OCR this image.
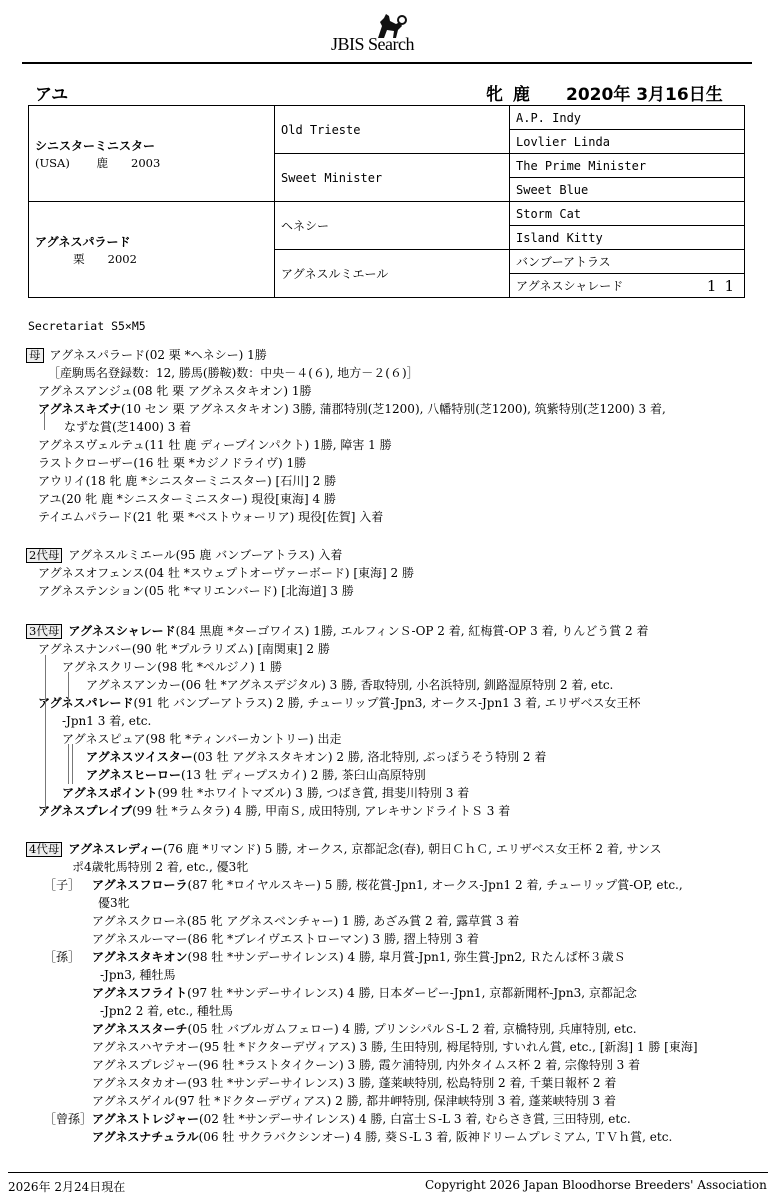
JBIS Search
アユ	牝 鹿 2020年 3月16日生
シニスターミニスター
(USA)　　 鹿　　2003	Old Trieste	A.P. Indy
		Lovlier Linda
	Sweet Minister	The Prime Minister
		Sweet Blue

アグネスパラード
　　　 栗　　2002	ヘネシー	Storm Cat
		Island Kitty
	アグネスルミエール	バンブーアトラス
		アグネスシャレード 11
Secretariat S5×M5
母 アグネスパラード(02 栗 *ヘネシー) 1勝
［産駒馬名登録数：12, 勝馬(勝鞍)数：中央－４(６), 地方－２(６)］
アグネスアンジュ(08 牝 栗 アグネスタキオン) 1勝
アグネスキズナ(10 セン 栗 アグネスタキオン) 3勝, 蒲郡特別(芝1200), 八幡特別(芝1200), 筑紫特別(芝1200) 3 着,
なずな賞(芝1400) 3 着
アグネスヴェルテュ(11 牡 鹿 ディープインパクト) 1勝, 障害 1 勝
ラストクローザー(16 牡 栗 *カジノドライヴ) 1勝
アウリイ(18 牝 鹿 *シニスターミニスター) [石川] 2 勝
アユ(20 牝 鹿 *シニスターミニスター) 現役[東海] 4 勝
テイエムパラード(21 牝 栗 *ベストウォーリア) 現役[佐賀] 入着
2代母 アグネスルミエール(95 鹿 バンブーアトラス) 入着
アグネスオフェンス(04 牡 *スウェプトオーヴァーボード) [東海] 2 勝
アグネステンション(05 牝 *マリエンバード) [北海道] 3 勝
3代母 アグネスシャレード(84 黒鹿 *ターゴワイス) 1勝, エルフィンＳ-OP 2 着, 紅梅賞-OP 3 着, りんどう賞 2 着
アグネスナンバー(90 牝 *プルラリズム) [南関東] 2 勝
アグネスクリーン(98 牝 *ペルジノ) 1 勝
アグネスアンカー(06 牡 *アグネスデジタル) 3 勝, 香取特別, 小名浜特別, 釧路湿原特別 2 着, etc.
アグネスパレード(91 牝 バンブーアトラス) 2 勝, チューリップ賞-Jpn3, オークス-Jpn1 3 着, エリザベス女王杯
-Jpn1 3 着, etc.
アグネスピュア(98 牝 *ティンバーカントリー) 出走
アグネスツイスター(03 牡 アグネスタキオン) 2 勝, 洛北特別, ぶっぽうそう特別 2 着
アグネスヒーロー(13 牡 ディープスカイ) 2 勝, 茶臼山高原特別
アグネスポイント(99 牡 *ホワイトマズル) 3 勝, つばき賞, 揖斐川特別 3 着
アグネスプレイブ(99 牡 *ラムタラ) 4 勝, 甲南Ｓ, 成田特別, アレキサンドライトＳ 3 着
4代母 アグネスレディー(76 鹿 *リマンド) 5 勝, オークス, 京都記念(春), 朝日ＣｈＣ, エリザベス女王杯 2 着, サンス
ポ4歳牝馬特別 2 着, etc., 優3牝
［子］ アグネスフローラ(87 牝 *ロイヤルスキー) 5 勝, 桜花賞-Jpn1, オークス-Jpn1 2 着, チューリップ賞-OP, etc.,
優3牝
アグネスクローネ(85 牝 アグネスベンチャー) 1 勝, あざみ賞 2 着, 露草賞 3 着
アグネスルーマー(86 牝 *ブレイヴエストローマン) 3 勝, 摺上特別 3 着
［孫］ アグネスタキオン(98 牡 *サンデーサイレンス) 4 勝, 皐月賞-Jpn1, 弥生賞-Jpn2, Ｒたんぱ杯３歳Ｓ
-Jpn3, 種牡馬
アグネスフライト(97 牡 *サンデーサイレンス) 4 勝, 日本ダービー-Jpn1, 京都新聞杯-Jpn3, 京都記念
-Jpn2 2 着, etc., 種牡馬
アグネススターチ(05 牡 バブルガムフェロー) 4 勝, プリンシパルＳ-L 2 着, 京橋特別, 兵庫特別, etc.
アグネスハヤテオー(95 牡 *ドクターデヴィアス) 3 勝, 生田特別, 栂尾特別, すいれん賞, etc., [新潟] 1 勝 [東海]
アグネスプレジャー(96 牡 *ラストタイクーン) 3 勝, 霞ケ浦特別, 内外タイムス杯 2 着, 宗像特別 3 着
アグネスタカオー(93 牡 *サンデーサイレンス) 3 勝, 蓬莱峡特別, 松島特別 2 着, 千葉日報杯 2 着
アグネスゲイル(97 牡 *ドクターデヴィアス) 2 勝, 都井岬特別, 保津峡特別 3 着, 蓬莱峡特別 3 着
［曾孫］アグネストレジャー(02 牡 *サンデーサイレンス) 4 勝, 白富士Ｓ-L 3 着, むらさき賞, 三田特別, etc.
アグネスナチュラル(06 牡 サクラバクシンオー) 4 勝, 葵Ｓ-L 3 着, 阪神ドリームプレミアム, ＴＶｈ賞, etc.
2026年 2月24日現在	Copyright 2026 Japan Bloodhorse Breeders' Association
